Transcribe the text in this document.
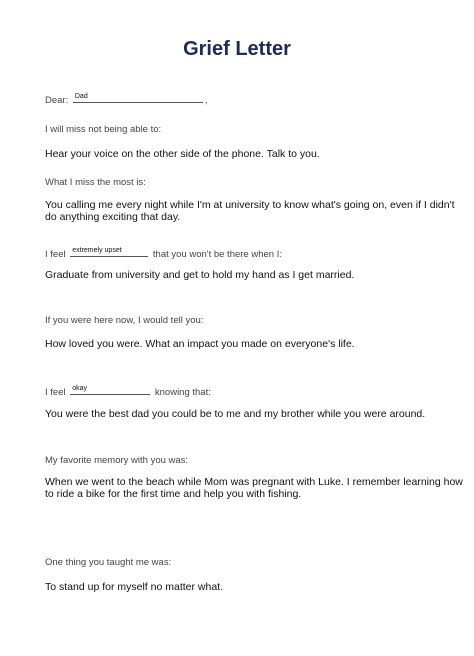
Grief Letter
Dear: Dad	,
I will miss not being able to:
Hear your voice on the other side of the phone. Talk to you.
What I miss the most is:
You calling me every night while I'm at university to know what's going on, even if I didn't
do anything exciting that day.
I feel extremely upset	that you won't be there when I:
Graduate from university and get to hold my hand as I get married.
If you were here now, I would tell you:
How loved you were. What an impact you made on everyone's life.
I feel okay	knowing that:
You were the best dad you could be to me and my brother while you were around.
My favorite memory with you was:
When we went to the beach while Mom was pregnant with Luke. I remember learning how
to ride a bike for the first time and help you with fishing.
One thing you taught me was:
To stand up for myself no matter what.
